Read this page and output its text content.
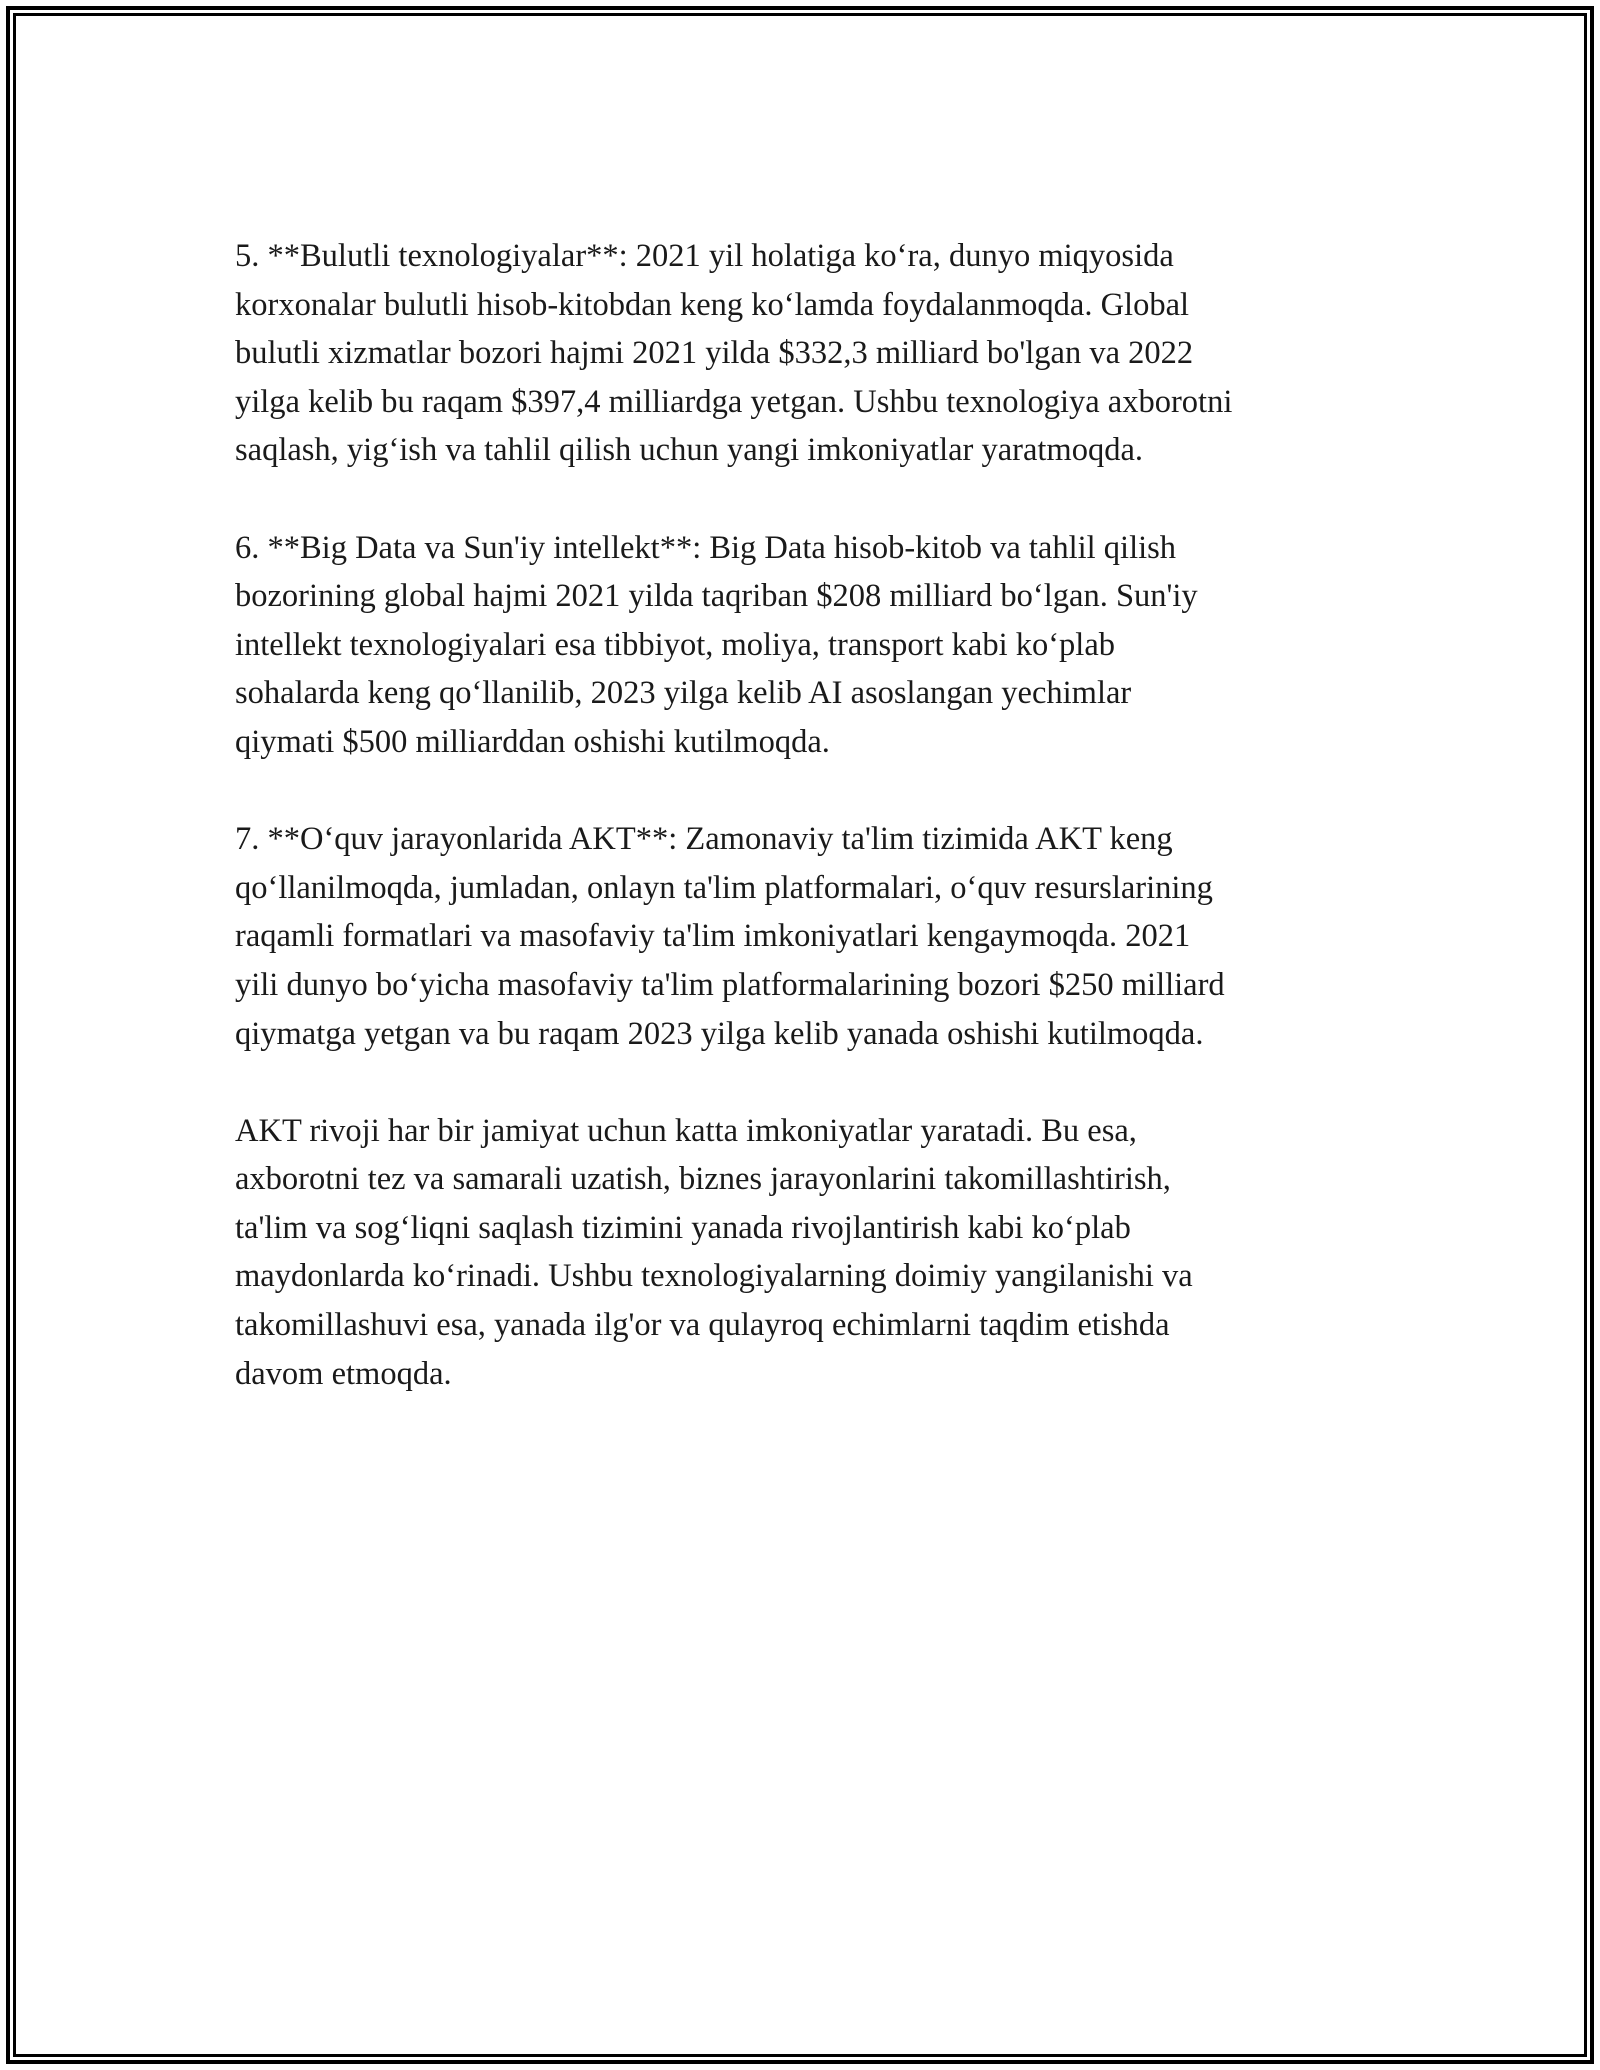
5. **Bulutli texnologiyalar**: 2021 yil holatiga ko‘ra, dunyo miqyosida
korxonalar bulutli hisob-kitobdan keng ko‘lamda foydalanmoqda. Global
bulutli xizmatlar bozori hajmi 2021 yilda $332,3 milliard bo'lgan va 2022
yilga kelib bu raqam $397,4 milliardga yetgan. Ushbu texnologiya axborotni
saqlash, yig‘ish va tahlil qilish uchun yangi imkoniyatlar yaratmoqda.

6. **Big Data va Sun'iy intellekt**: Big Data hisob-kitob va tahlil qilish
bozorining global hajmi 2021 yilda taqriban $208 milliard bo‘lgan. Sun'iy
intellekt texnologiyalari esa tibbiyot, moliya, transport kabi ko‘plab
sohalarda keng qo‘llanilib, 2023 yilga kelib AI asoslangan yechimlar
qiymati $500 milliarddan oshishi kutilmoqda.

7. **O‘quv jarayonlarida AKT**: Zamonaviy ta'lim tizimida AKT keng
qo‘llanilmoqda, jumladan, onlayn ta'lim platformalari, o‘quv resurslarining
raqamli formatlari va masofaviy ta'lim imkoniyatlari kengaymoqda. 2021
yili dunyo bo‘yicha masofaviy ta'lim platformalarining bozori $250 milliard
qiymatga yetgan va bu raqam 2023 yilga kelib yanada oshishi kutilmoqda.

AKT rivoji har bir jamiyat uchun katta imkoniyatlar yaratadi. Bu esa,
axborotni tez va samarali uzatish, biznes jarayonlarini takomillashtirish,
ta'lim va sog‘liqni saqlash tizimini yanada rivojlantirish kabi ko‘plab
maydonlarda ko‘rinadi. Ushbu texnologiyalarning doimiy yangilanishi va
takomillashuvi esa, yanada ilg'or va qulayroq echimlarni taqdim etishda
davom etmoqda.
